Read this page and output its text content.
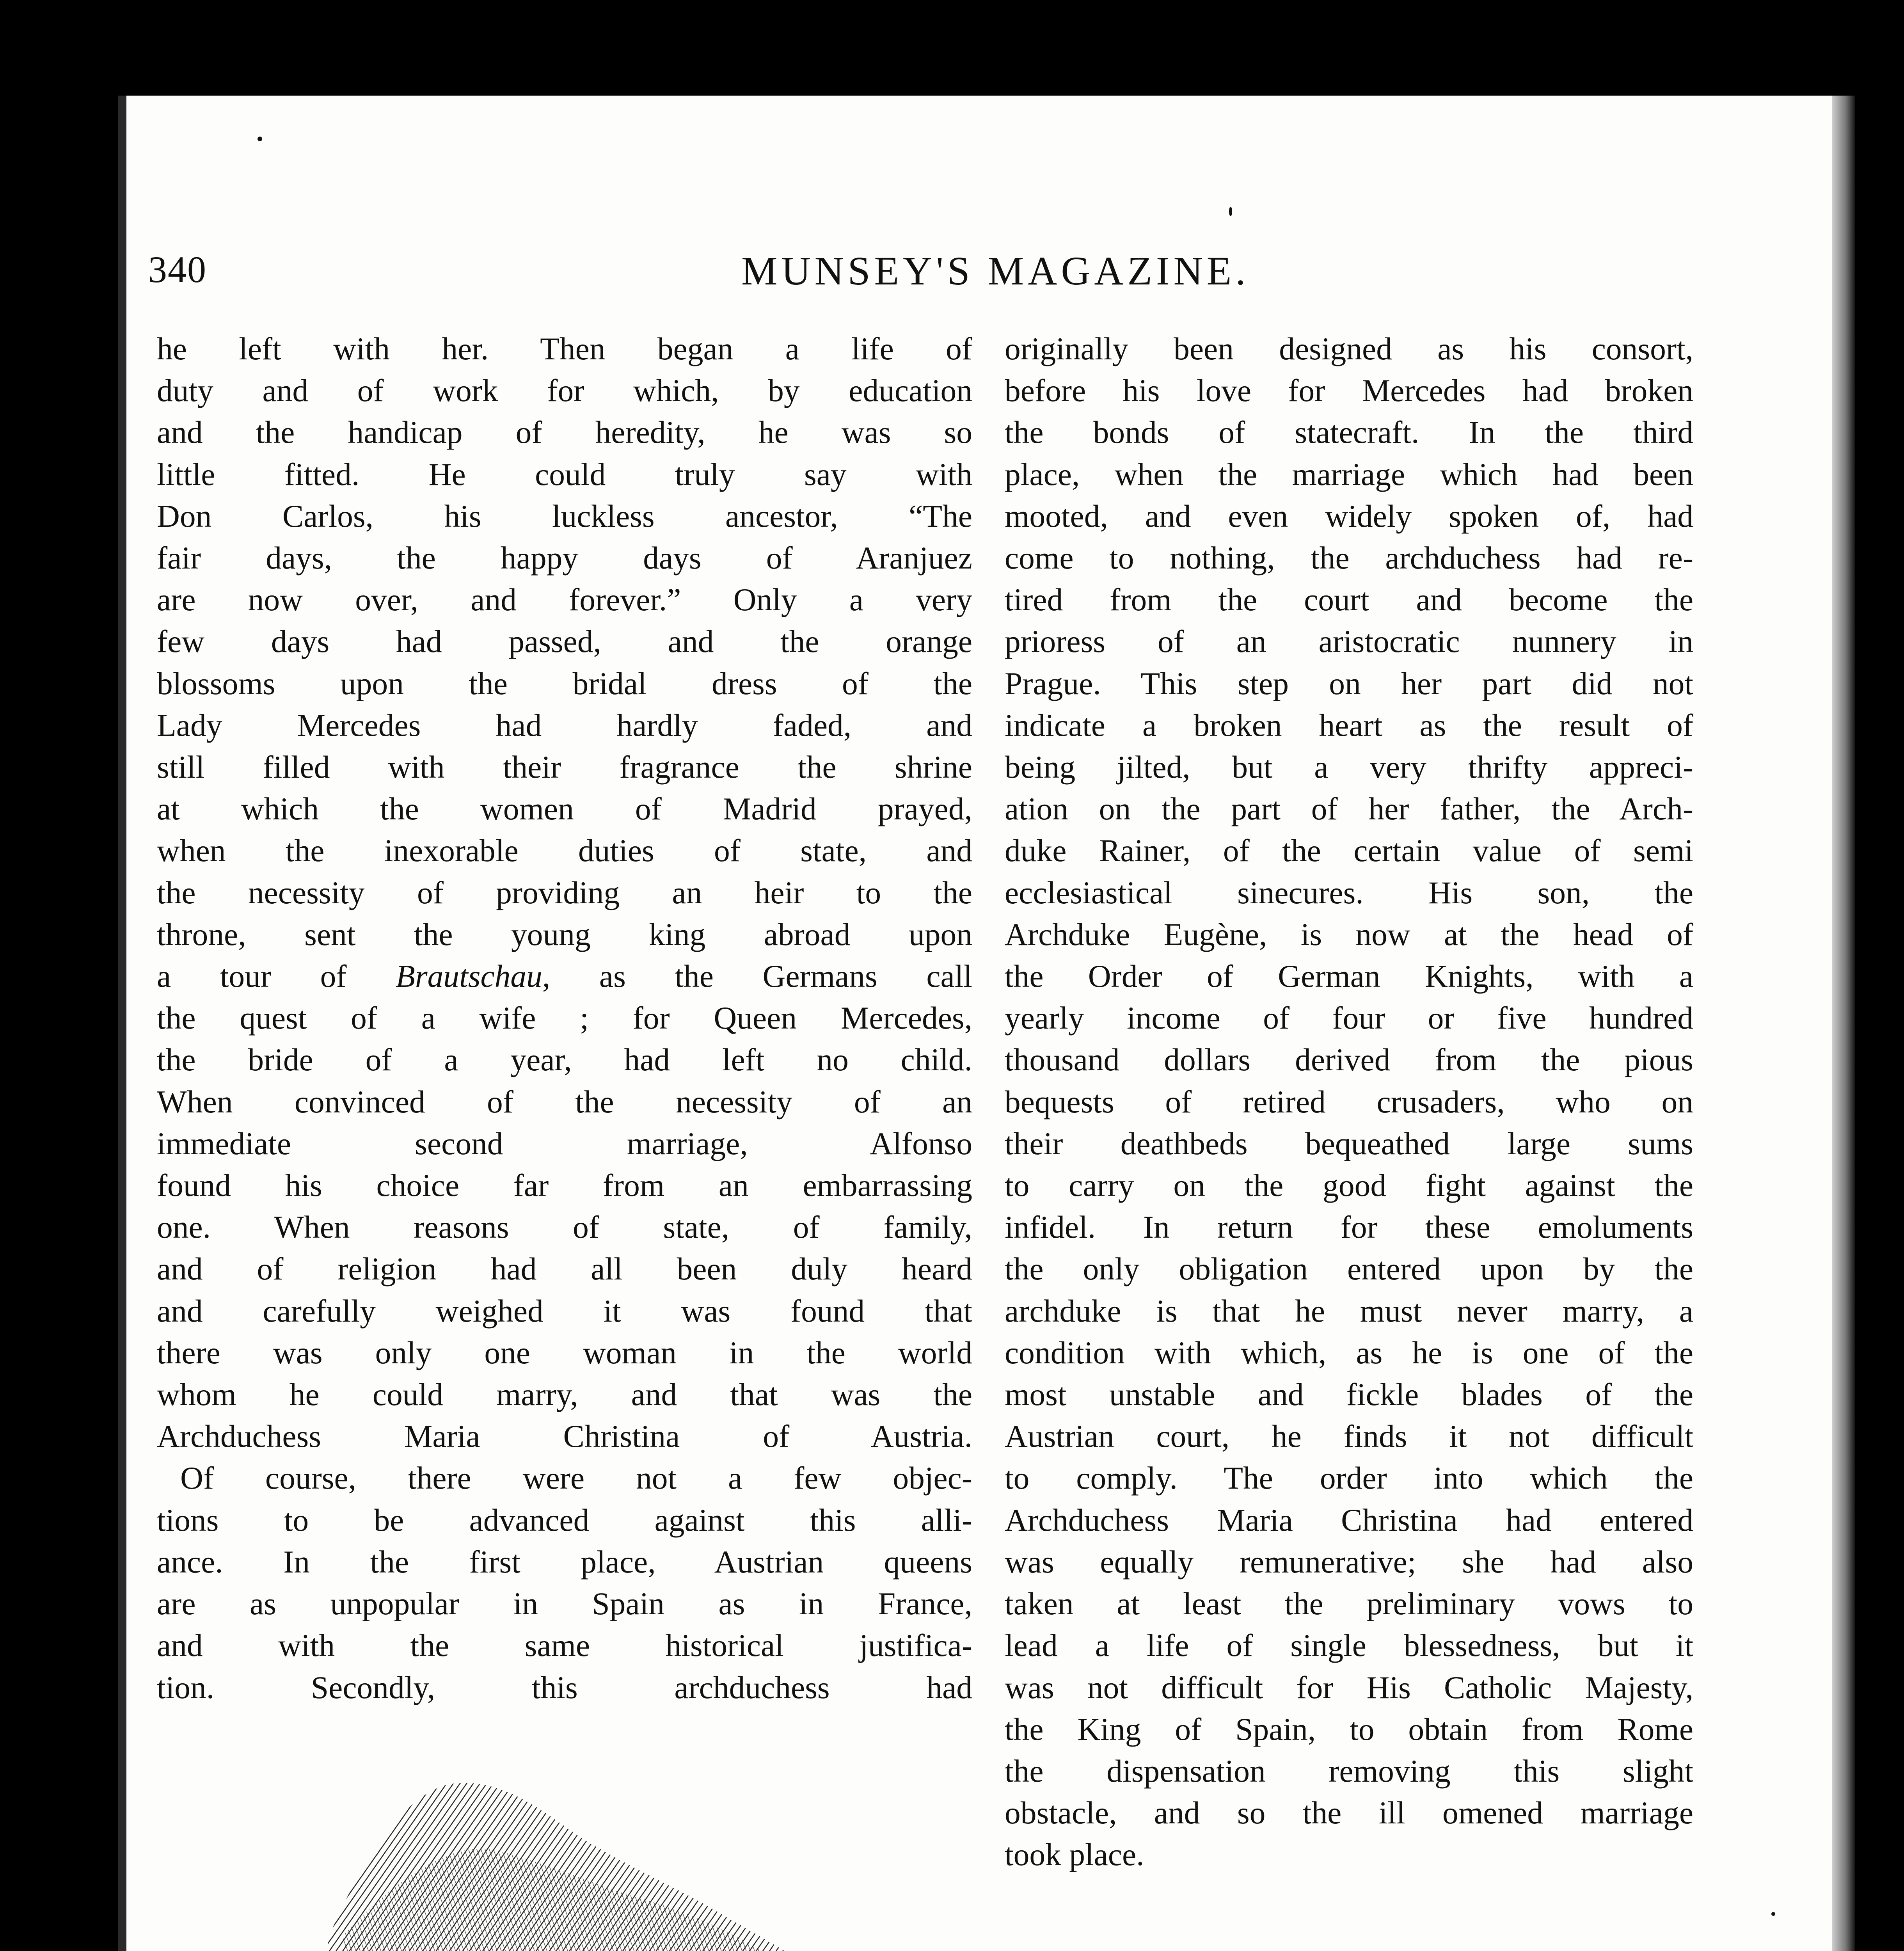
340	MUNSEY'S MAGAZINE.
he left with her. Then began a life of
duty and of work for which, by education
and the handicap of heredity, he was so
little fitted. He could truly say with
Don Carlos, his luckless ancestor, “The
fair days, the happy days of Aranjuez
are now over, and forever.” Only a very
few days had passed, and the orange
blossoms upon the bridal dress of the
Lady Mercedes had hardly faded, and
still filled with their fragrance the shrine
at which the women of Madrid prayed,
when the inexorable duties of state, and
the necessity of providing an heir to the
throne, sent the young king abroad upon
a tour of Brautschau, as the Germans call
the quest of a wife ; for Queen Mercedes,
the bride of a year, had left no child.
When convinced of the necessity of an
immediate second marriage, Alfonso
found his choice far from an embarrassing
one. When reasons of state, of family,
and of religion had all been duly heard
and carefully weighed it was found that
there was only one woman in the world
whom he could marry, and that was the
Archduchess Maria Christina of Austria.
Of course, there were not a few objec-
tions to be advanced against this alli-
ance. In the first place, Austrian queens
are as unpopular in Spain as in France,
and with the same historical justifica-
tion. Secondly, this archduchess had
originally been designed as his consort,
before his love for Mercedes had broken
the bonds of statecraft. In the third
place, when the marriage which had been
mooted, and even widely spoken of, had
come to nothing, the archduchess had re-
tired from the court and become the
prioress of an aristocratic nunnery in
Prague. This step on her part did not
indicate a broken heart as the result of
being jilted, but a very thrifty appreci-
ation on the part of her father, the Arch-
duke Rainer, of the certain value of semi
ecclesiastical sinecures. His son, the
Archduke Eugène, is now at the head of
the Order of German Knights, with a
yearly income of four or five hundred
thousand dollars derived from the pious
bequests of retired crusaders, who on
their deathbeds bequeathed large sums
to carry on the good fight against the
infidel. In return for these emoluments
the only obligation entered upon by the
archduke is that he must never marry, a
condition with which, as he is one of the
most unstable and fickle blades of the
Austrian court, he finds it not difficult
to comply. The order into which the
Archduchess Maria Christina had entered
was equally remunerative; she had also
taken at least the preliminary vows to
lead a life of single blessedness, but it
was not difficult for His Catholic Majesty,
the King of Spain, to obtain from Rome
the dispensation removing this slight
obstacle, and so the ill omened marriage
took place.
